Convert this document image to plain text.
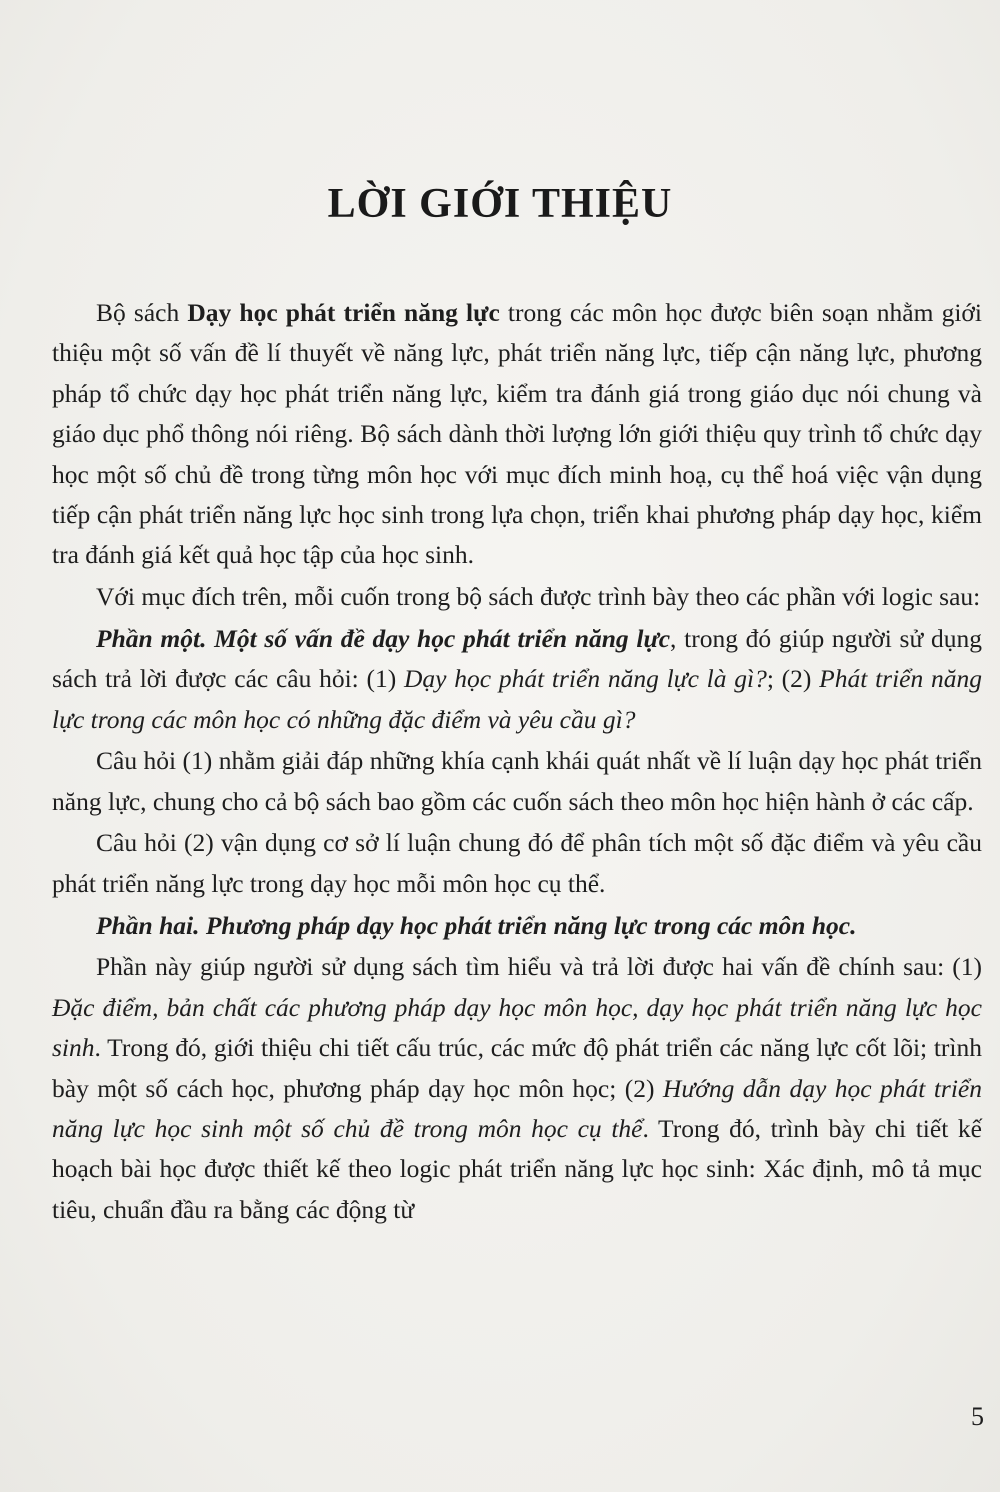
LỜI GIỚI THIỆU

Bộ sách Dạy học phát triển năng lực trong các môn học được biên soạn nhằm giới thiệu một số vấn đề lí thuyết về năng lực, phát triển năng lực, tiếp cận năng lực, phương pháp tổ chức dạy học phát triển năng lực, kiểm tra đánh giá trong giáo dục nói chung và giáo dục phổ thông nói riêng. Bộ sách dành thời lượng lớn giới thiệu quy trình tổ chức dạy học một số chủ đề trong từng môn học với mục đích minh hoạ, cụ thể hoá việc vận dụng tiếp cận phát triển năng lực học sinh trong lựa chọn, triển khai phương pháp dạy học, kiểm tra đánh giá kết quả học tập của học sinh.

Với mục đích trên, mỗi cuốn trong bộ sách được trình bày theo các phần với logic sau:

Phần một. Một số vấn đề dạy học phát triển năng lực, trong đó giúp người sử dụng sách trả lời được các câu hỏi: (1) Dạy học phát triển năng lực là gì?; (2) Phát triển năng lực trong các môn học có những đặc điểm và yêu cầu gì?

Câu hỏi (1) nhằm giải đáp những khía cạnh khái quát nhất về lí luận dạy học phát triển năng lực, chung cho cả bộ sách bao gồm các cuốn sách theo môn học hiện hành ở các cấp.

Câu hỏi (2) vận dụng cơ sở lí luận chung đó để phân tích một số đặc điểm và yêu cầu phát triển năng lực trong dạy học mỗi môn học cụ thể.

Phần hai. Phương pháp dạy học phát triển năng lực trong các môn học.

Phần này giúp người sử dụng sách tìm hiểu và trả lời được hai vấn đề chính sau: (1) Đặc điểm, bản chất các phương pháp dạy học môn học, dạy học phát triển năng lực học sinh. Trong đó, giới thiệu chi tiết cấu trúc, các mức độ phát triển các năng lực cốt lõi; trình bày một số cách học, phương pháp dạy học môn học; (2) Hướng dẫn dạy học phát triển năng lực học sinh một số chủ đề trong môn học cụ thể. Trong đó, trình bày chi tiết kế hoạch bài học được thiết kế theo logic phát triển năng lực học sinh: Xác định, mô tả mục tiêu, chuẩn đầu ra bằng các động từ

5
